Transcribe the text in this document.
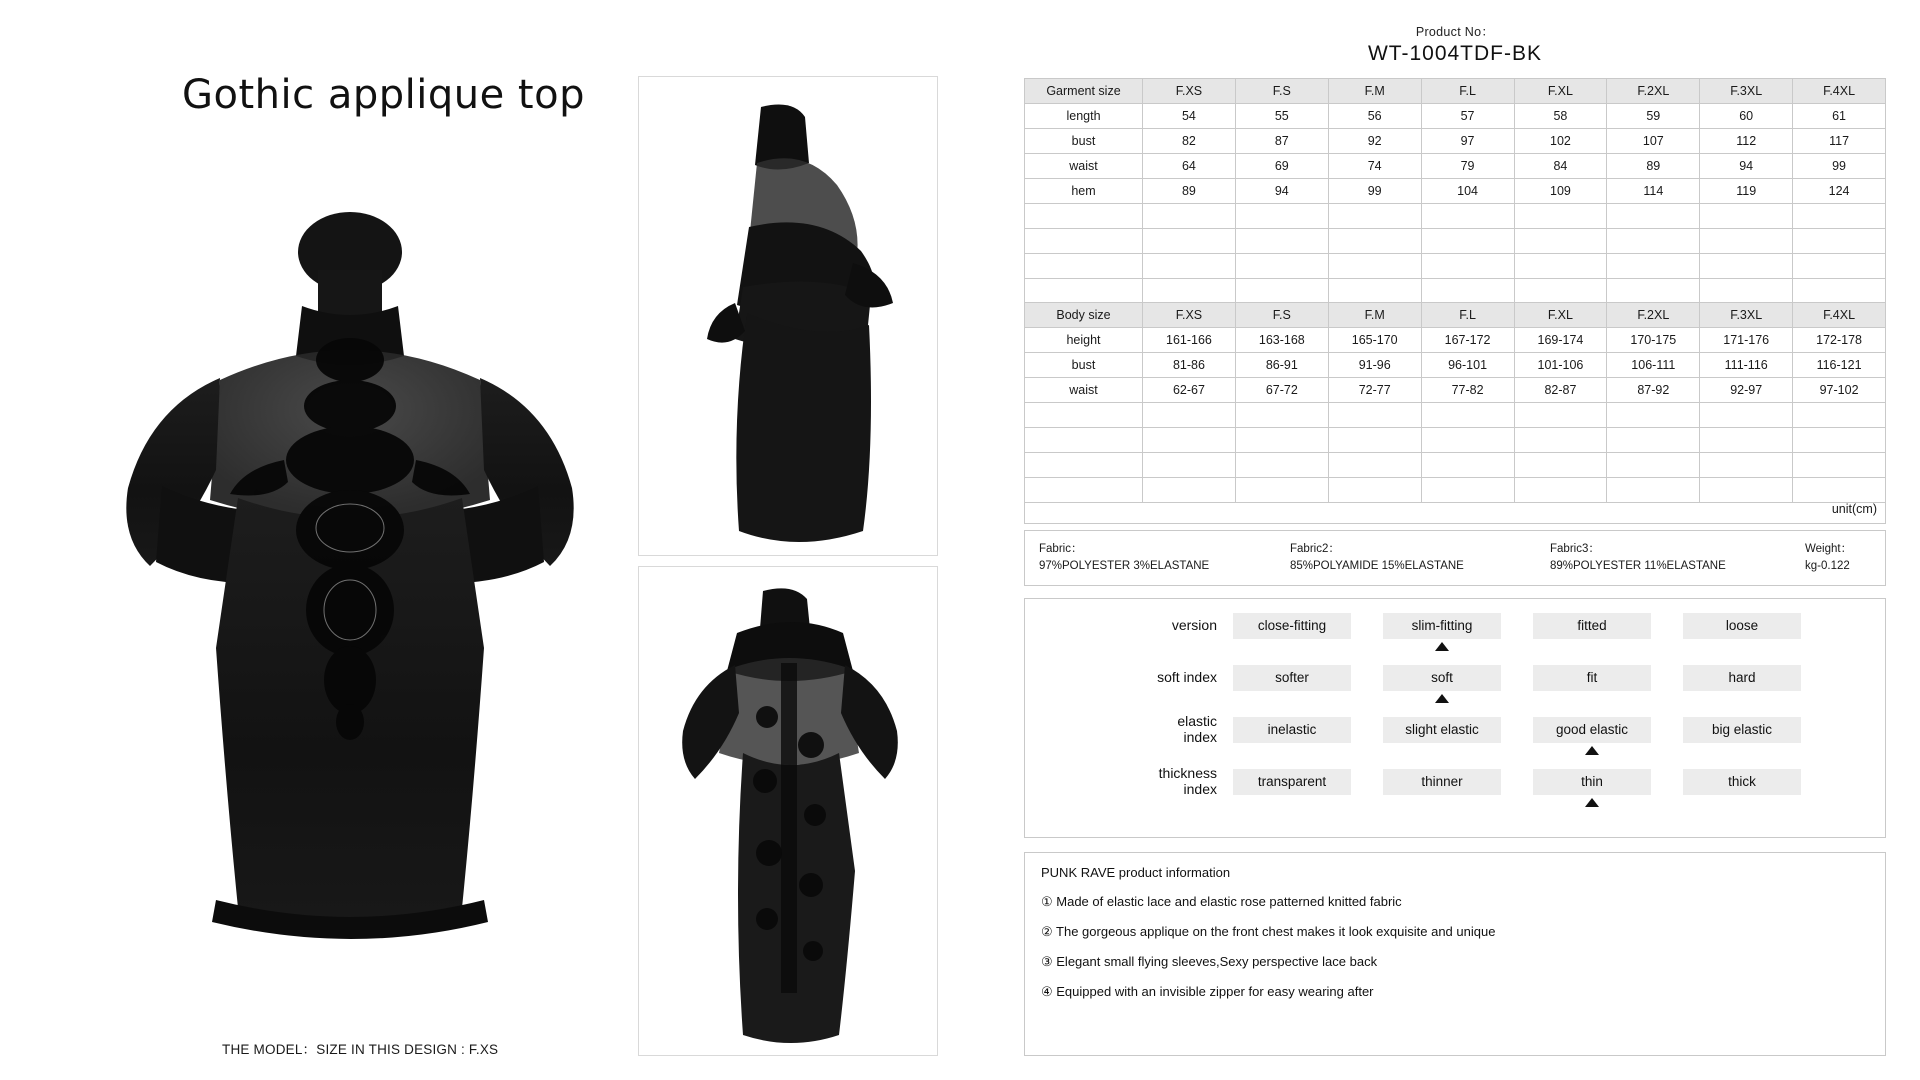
Gothic applique top
THE MODEL：SIZE IN THIS DESIGN : F.XS
Product No：
WT-1004TDF-BK
Garment size	F.XS	F.S	F.M	F.L	F.XL	F.2XL	F.3XL	F.4XL
length	54	55	56	57	58	59	60	61
bust	82	87	92	97	102	107	112	117
waist	64	69	74	79	84	89	94	99
hem	89	94	99	104	109	114	119	124

Body size	F.XS	F.S	F.M	F.L	F.XL	F.2XL	F.3XL	F.4XL
height	161-166	163-168	165-170	167-172	169-174	170-175	171-176	172-178
bust	81-86	86-91	91-96	96-101	101-106	106-111	111-116	116-121
waist	62-67	67-72	72-77	77-82	82-87	87-92	92-97	97-102

unit(cm)
Fabric：
97%POLYESTER 3%ELASTANE
Fabric2：
85%POLYAMIDE 15%ELASTANE
Fabric3：
89%POLYESTER 11%ELASTANE
Weight：
kg-0.122
version	close-fitting	slim-fitting	fitted	loose
soft index	softer	soft	fit	hard
elastic
index	inelastic	slight elastic	good elastic	big elastic
thickness
index	transparent	thinner	thin	thick
PUNK RAVE product information
① Made of elastic lace and elastic rose patterned knitted fabric
② The gorgeous applique on the front chest makes it look exquisite and unique
③ Elegant small flying sleeves,Sexy perspective lace back
④ Equipped with an invisible zipper for easy wearing after
